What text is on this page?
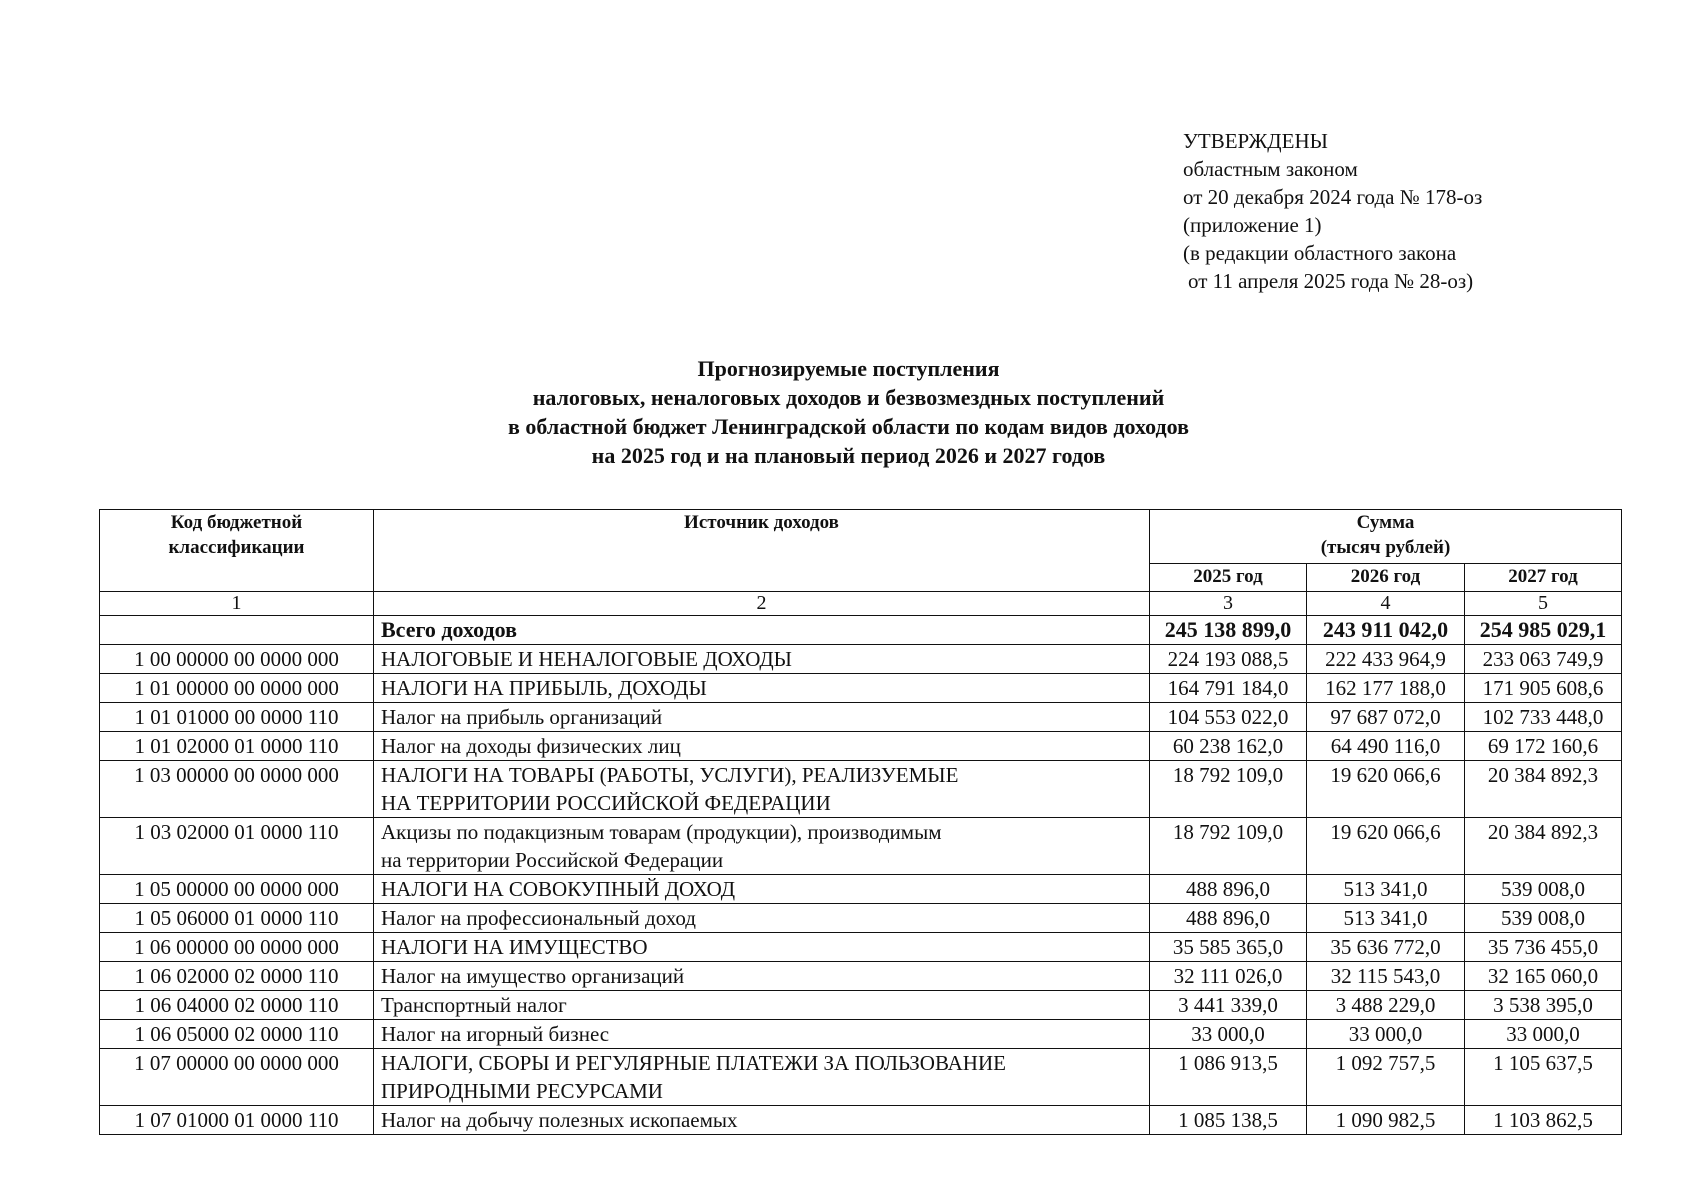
УТВЕРЖДЕНЫ
областным законом
от 20 декабря 2024 года № 178-оз
(приложение 1)
(в редакции областного закона
от 11 апреля 2025 года № 28-оз)
Прогнозируемые поступления
налоговых, неналоговых доходов и безвозмездных поступлений
в областной бюджет Ленинградской области по кодам видов доходов
на 2025 год и на плановый период 2026 и 2027 годов
Код бюджетной классификации	Источник доходов	Сумма
(тысяч рублей)		

		2025 год	2026 год	2027 год
1	2	3	4	5

	Всего доходов	245 138 899,0	243 911 042,0	254 985 029,1
1 00 00000 00 0000 000	НАЛОГОВЫЕ И НЕНАЛОГОВЫЕ ДОХОДЫ	224 193 088,5	222 433 964,9	233 063 749,9
1 01 00000 00 0000 000	НАЛОГИ НА ПРИБЫЛЬ, ДОХОДЫ	164 791 184,0	162 177 188,0	171 905 608,6
1 01 01000 00 0000 110	Налог на прибыль организаций	104 553 022,0	97 687 072,0	102 733 448,0
1 01 02000 01 0000 110	Налог на доходы физических лиц	60 238 162,0	64 490 116,0	69 172 160,6
1 03 00000 00 0000 000	НАЛОГИ НА ТОВАРЫ (РАБОТЫ, УСЛУГИ), РЕАЛИЗУЕМЫЕ
НА ТЕРРИТОРИИ РОССИЙСКОЙ ФЕДЕРАЦИИ	18 792 109,0	19 620 066,6	20 384 892,3
1 03 02000 01 0000 110	Акцизы по подакцизным товарам (продукции), производимым
на территории Российской Федерации	18 792 109,0	19 620 066,6	20 384 892,3
1 05 00000 00 0000 000	НАЛОГИ НА СОВОКУПНЫЙ ДОХОД	488 896,0	513 341,0	539 008,0
1 05 06000 01 0000 110	Налог на профессиональный доход	488 896,0	513 341,0	539 008,0
1 06 00000 00 0000 000	НАЛОГИ НА ИМУЩЕСТВО	35 585 365,0	35 636 772,0	35 736 455,0
1 06 02000 02 0000 110	Налог на имущество организаций	32 111 026,0	32 115 543,0	32 165 060,0
1 06 04000 02 0000 110	Транспортный налог	3 441 339,0	3 488 229,0	3 538 395,0
1 06 05000 02 0000 110	Налог на игорный бизнес	33 000,0	33 000,0	33 000,0
1 07 00000 00 0000 000	НАЛОГИ, СБОРЫ И РЕГУЛЯРНЫЕ ПЛАТЕЖИ ЗА ПОЛЬЗОВАНИЕ
ПРИРОДНЫМИ РЕСУРСАМИ	1 086 913,5	1 092 757,5	1 105 637,5
1 07 01000 01 0000 110	Налог на добычу полезных ископаемых	1 085 138,5	1 090 982,5	1 103 862,5
